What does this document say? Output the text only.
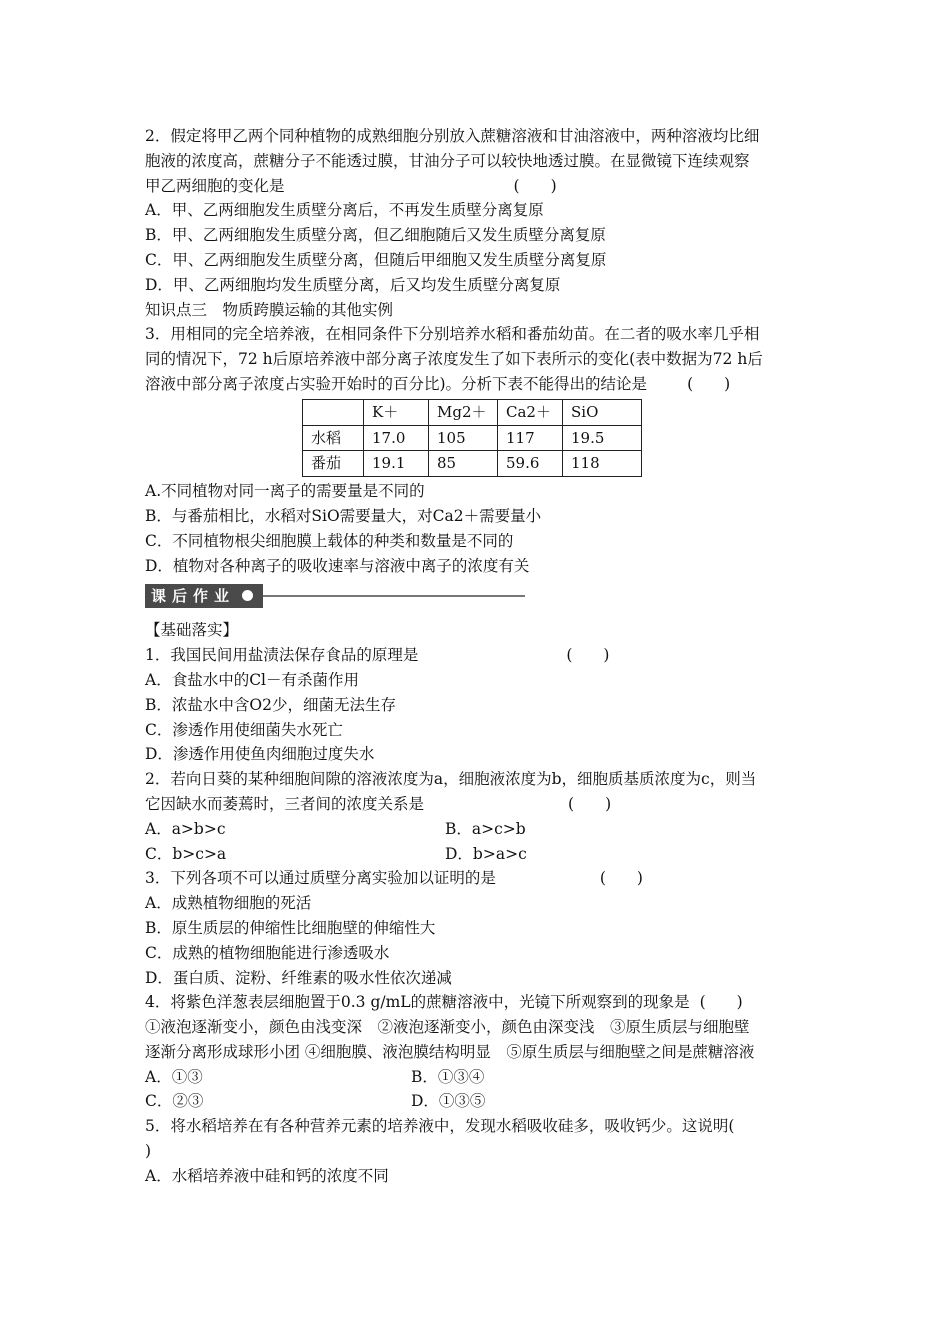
2．假定将甲乙两个同种植物的成熟细胞分别放入蔗糖溶液和甘油溶液中，两种溶液均比细
胞液的浓度高，蔗糖分子不能透过膜，甘油分子可以较快地透过膜。在显微镜下连续观察
甲乙两细胞的变化是	(　　)
A．甲、乙两细胞发生质壁分离后，不再发生质壁分离复原
B．甲、乙两细胞发生质壁分离，但乙细胞随后又发生质壁分离复原
C．甲、乙两细胞发生质壁分离，但随后甲细胞又发生质壁分离复原
D．甲、乙两细胞均发生质壁分离，后又均发生质壁分离复原
知识点三　物质跨膜运输的其他实例
3．用相同的完全培养液，在相同条件下分别培养水稻和番茄幼苗。在二者的吸水率几乎相
同的情况下，72 h后原培养液中部分离子浓度发生了如下表所示的变化(表中数据为72 h后
溶液中部分离子浓度占实验开始时的百分比)。分析下表不能得出的结论是	(　　)
	K＋	Mg2＋	Ca2＋	SiO
水稻	17.0	105	117	19.5
番茄	19.1	85	59.6	118
A.不同植物对同一离子的需要量是不同的
B．与番茄相比，水稻对SiO需要量大，对Ca2＋需要量小
C．不同植物根尖细胞膜上载体的种类和数量是不同的
D．植物对各种离子的吸收速率与溶液中离子的浓度有关
课后作业
【基础落实】
1．我国民间用盐渍法保存食品的原理是	(　　)
A．食盐水中的Cl－有杀菌作用
B．浓盐水中含O2少，细菌无法生存
C．渗透作用使细菌失水死亡
D．渗透作用使鱼肉细胞过度失水
2．若向日葵的某种细胞间隙的溶液浓度为a，细胞液浓度为b，细胞质基质浓度为c，则当
它因缺水而萎蔫时，三者间的浓度关系是	(　　)
A．a>b>c	B．a>c>b
C．b>c>a	D．b>a>c
3．下列各项不可以通过质壁分离实验加以证明的是	(　　)
A．成熟植物细胞的死活
B．原生质层的伸缩性比细胞壁的伸缩性大
C．成熟的植物细胞能进行渗透吸水
D．蛋白质、淀粉、纤维素的吸水性依次递减
4．将紫色洋葱表层细胞置于0.3 g/mL的蔗糖溶液中，光镜下所观察到的现象是 (　　)
①液泡逐渐变小，颜色由浅变深　②液泡逐渐变小，颜色由深变浅　③原生质层与细胞壁
逐渐分离形成球形小团 ④细胞膜、液泡膜结构明显　⑤原生质层与细胞壁之间是蔗糖溶液
A．①③	B．①③④
C．②③	D．①③⑤
5．将水稻培养在有各种营养元素的培养液中，发现水稻吸收硅多，吸收钙少。这说明(
)
A．水稻培养液中硅和钙的浓度不同
